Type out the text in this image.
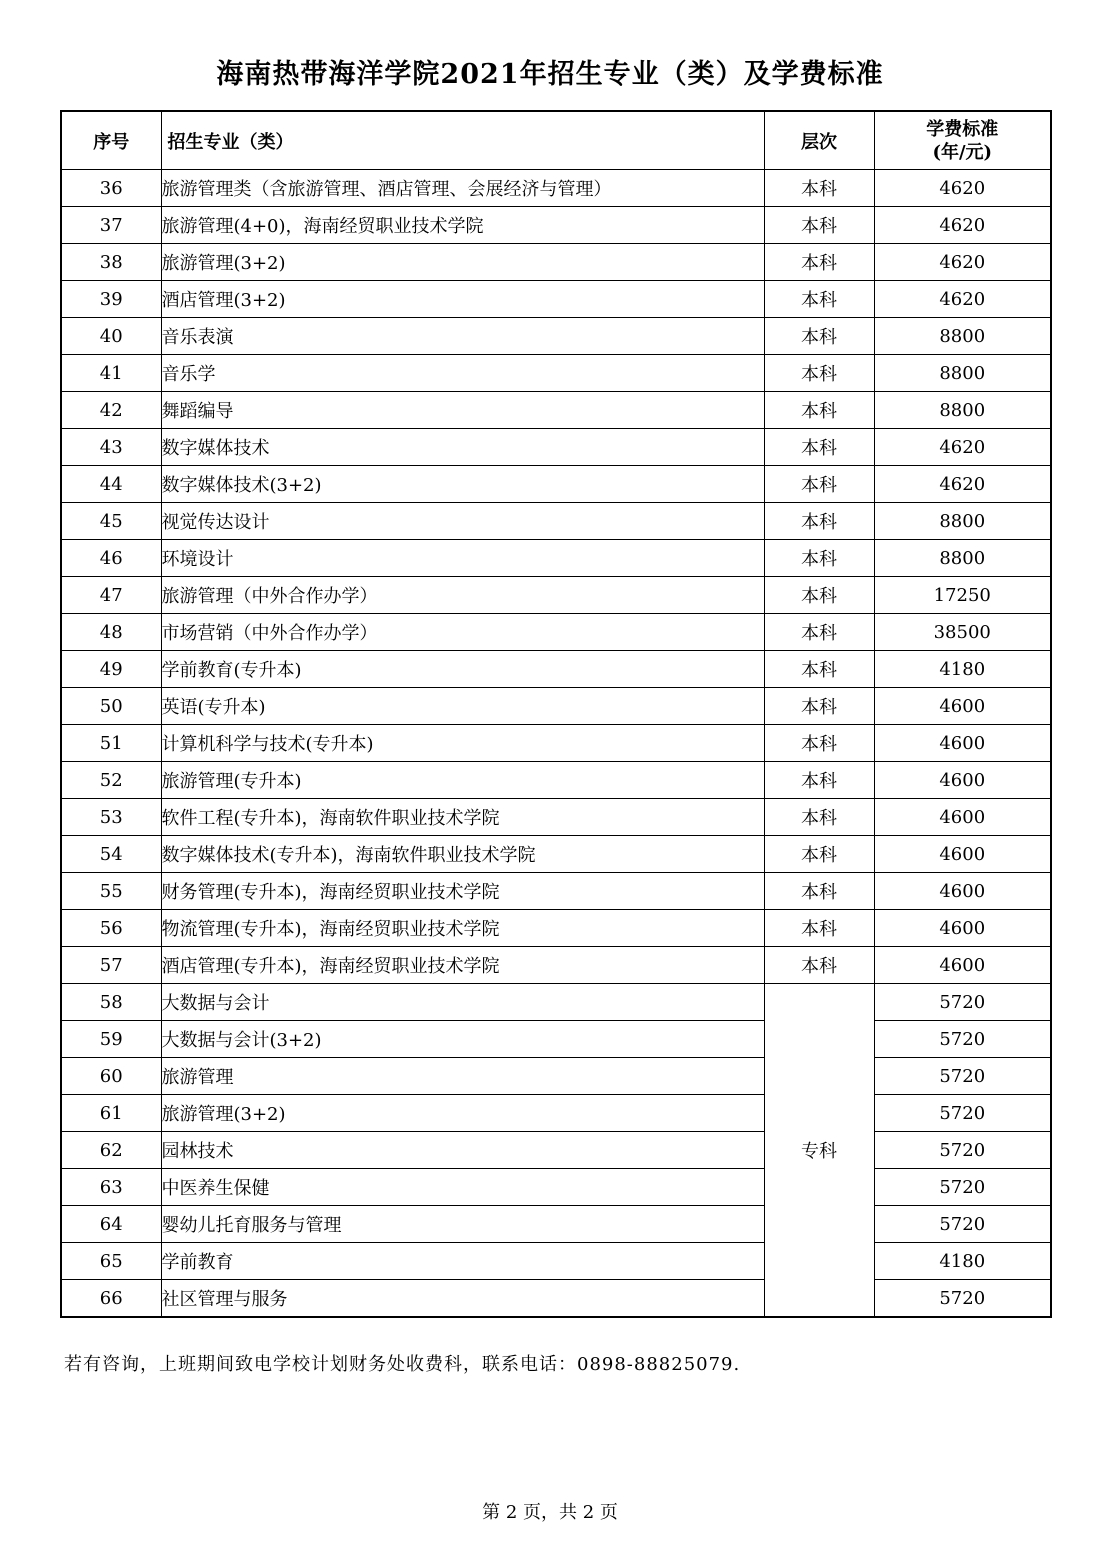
海南热带海洋学院2021年招生专业（类）及学费标准
序号	招生专业（类）	层次	学费标准
(年/元)

36	旅游管理类（含旅游管理、酒店管理、会展经济与管理）	本科	4620
37	旅游管理(4+0)，海南经贸职业技术学院	本科	4620
38	旅游管理(3+2)	本科	4620
39	酒店管理(3+2)	本科	4620
40	音乐表演	本科	8800
41	音乐学	本科	8800
42	舞蹈编导	本科	8800
43	数字媒体技术	本科	4620
44	数字媒体技术(3+2)	本科	4620
45	视觉传达设计	本科	8800
46	环境设计	本科	8800
47	旅游管理（中外合作办学）	本科	17250
48	市场营销（中外合作办学）	本科	38500
49	学前教育(专升本)	本科	4180
50	英语(专升本)	本科	4600
51	计算机科学与技术(专升本)	本科	4600
52	旅游管理(专升本)	本科	4600
53	软件工程(专升本)，海南软件职业技术学院	本科	4600
54	数字媒体技术(专升本)，海南软件职业技术学院	本科	4600
55	财务管理(专升本)，海南经贸职业技术学院	本科	4600
56	物流管理(专升本)，海南经贸职业技术学院	本科	4600
57	酒店管理(专升本)，海南经贸职业技术学院	本科	4600
58	大数据与会计	专科	5720
59	大数据与会计(3+2)		5720
60	旅游管理		5720
61	旅游管理(3+2)		5720
62	园林技术		5720
63	中医养生保健		5720
64	婴幼儿托育服务与管理		5720
65	学前教育		4180
66	社区管理与服务		5720
若有咨询，上班期间致电学校计划财务处收费科，联系电话：0898-88825079.
第 2 页，共 2 页
